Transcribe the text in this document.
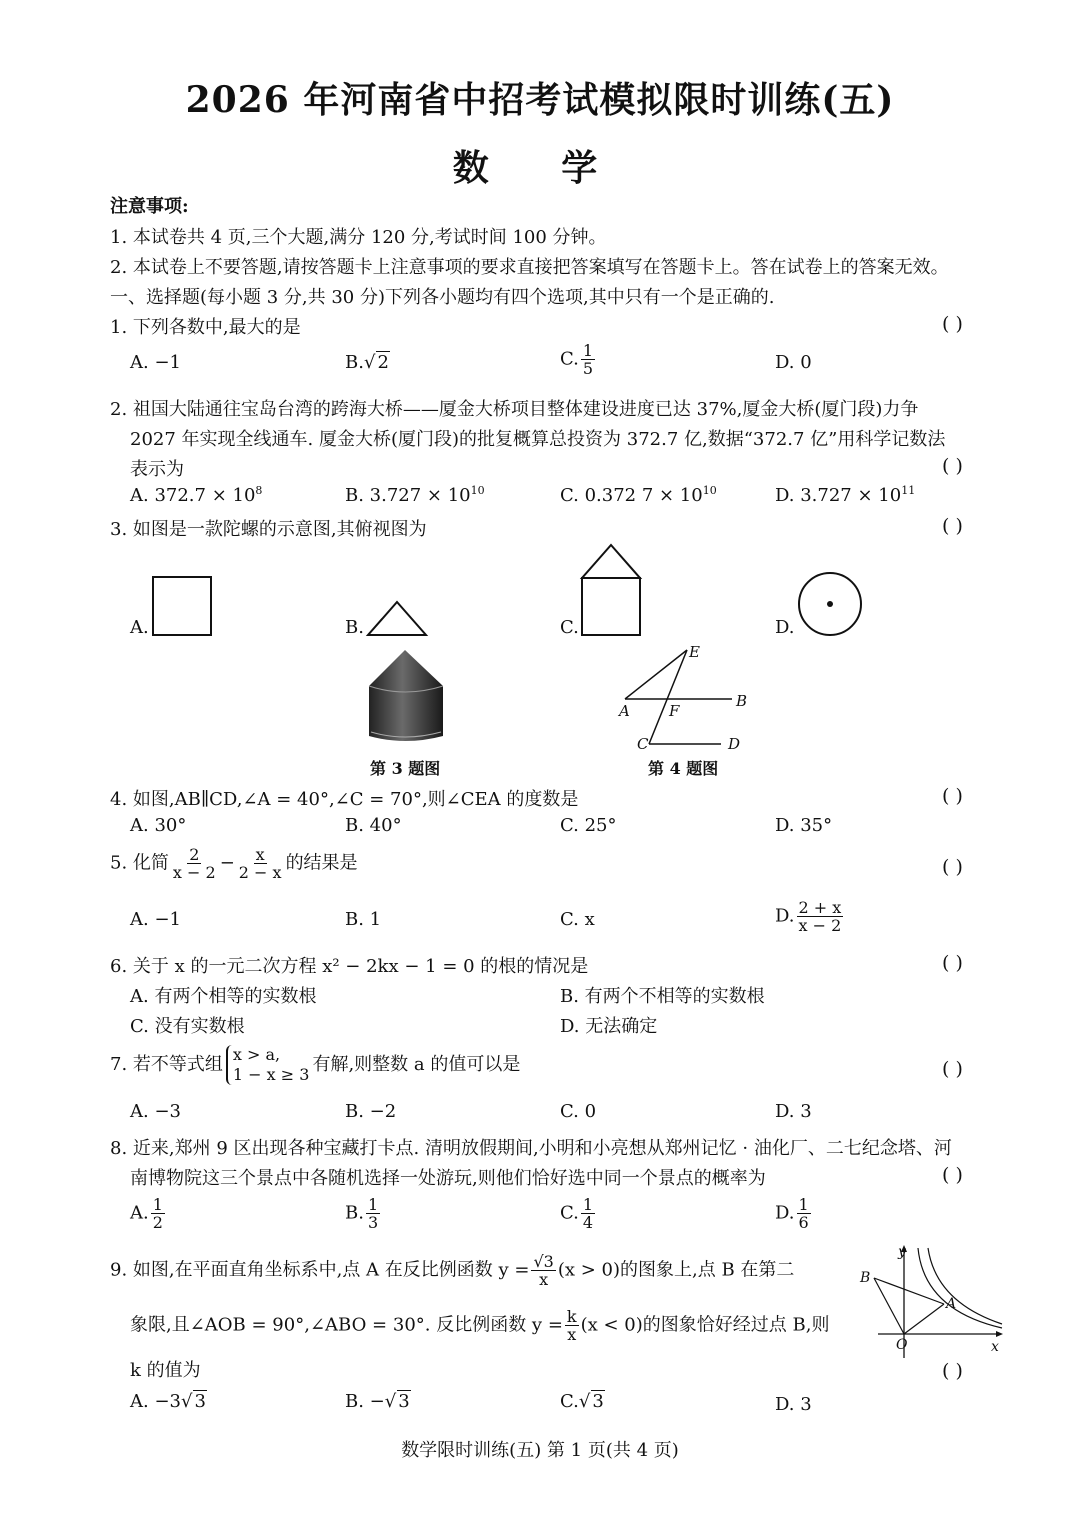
2026 年河南省中招考试模拟限时训练(五)
数 学
注意事项:
1. 本试卷共 4 页,三个大题,满分 120 分,考试时间 100 分钟。
2. 本试卷上不要答题,请按答题卡上注意事项的要求直接把答案填写在答题卡上。答在试卷上的答案无效。
一、选择题(每小题 3 分,共 30 分)下列各小题均有四个选项,其中只有一个是正确的.
1. 下列各数中,最大的是	( )
A. −1	B.√ 2	C. $\frac{1}{5}$	D. 0
2. 祖国大陆通往宝岛台湾的跨海大桥——厦金大桥项目整体建设进度已达 37%,厦金大桥(厦门段)力争
2027 年实现全线通车. 厦金大桥(厦门段)的批复概算总投资为 372.7 亿,数据“372.7 亿”用科学记数法
表示为	( )
A. $372.7 \times 10^8$	B. $3.727 \times 10^{10}$	C. 0.372 $7 \times 10^{10}$	D. $3.727 \times 10^{11}$
3. 如图是一款陀螺的示意图,其俯视图为	( )
A.	B.	C.	D.
第 3 题图
E
A	F
B
C	D
第 4 题图
4. 如图,AB∥CD,∠A = 40°,∠C = 70°,则∠CEA 的度数是	( )
A. 30°	B. 40°	C. 25°	D. 35°
5. 化简 $\frac{2}{x - 2} - \frac{x}{2 - x}$ 的结果是	( )
A. −1	B. 1	C. x	D. $\frac{2 + x}{x - 2}$
6. 关于 x 的一元二次方程 x² − 2kx − 1 = 0 的根的情况是	( )
A. 有两个相等的实数根	B. 有两个不相等的实数根
C. 没有实数根	D. 无法确定
7. 若不等式组 x > a,
1 − x ≥ 3 有解,则整数 a 的值可以是	( )
A. −3	B. −2	C. 0	D. 3
8. 近来,郑州 9 区出现各种宝藏打卡点. 清明放假期间,小明和小亮想从郑州记忆 · 油化厂、二七纪念塔、河
南博物院这三个景点中各随机选择一处游玩,则他们恰好选中同一个景点的概率为	( )
A. $\frac{1}{2}$	B. $\frac{1}{3}$	C. $\frac{1}{4}$	D. $\frac{1}{6}$
9. 如图,在平面直角坐标系中,点 A 在反比例函数 $y = \frac{√3}{x} (x > 0)$的图象上,点 B 在第二
象限,且∠AOB = 90°,∠ABO = 30°. 反比例函数 $y = \frac{k}{x} (x < 0)$的图象恰好经过点 B,则
k 的值为	( )
A. −3√ 3	B. −√ 3	C.√ 3	D. 3
y
x
O
A
B
数学限时训练(五) 第 1 页(共 4 页)
